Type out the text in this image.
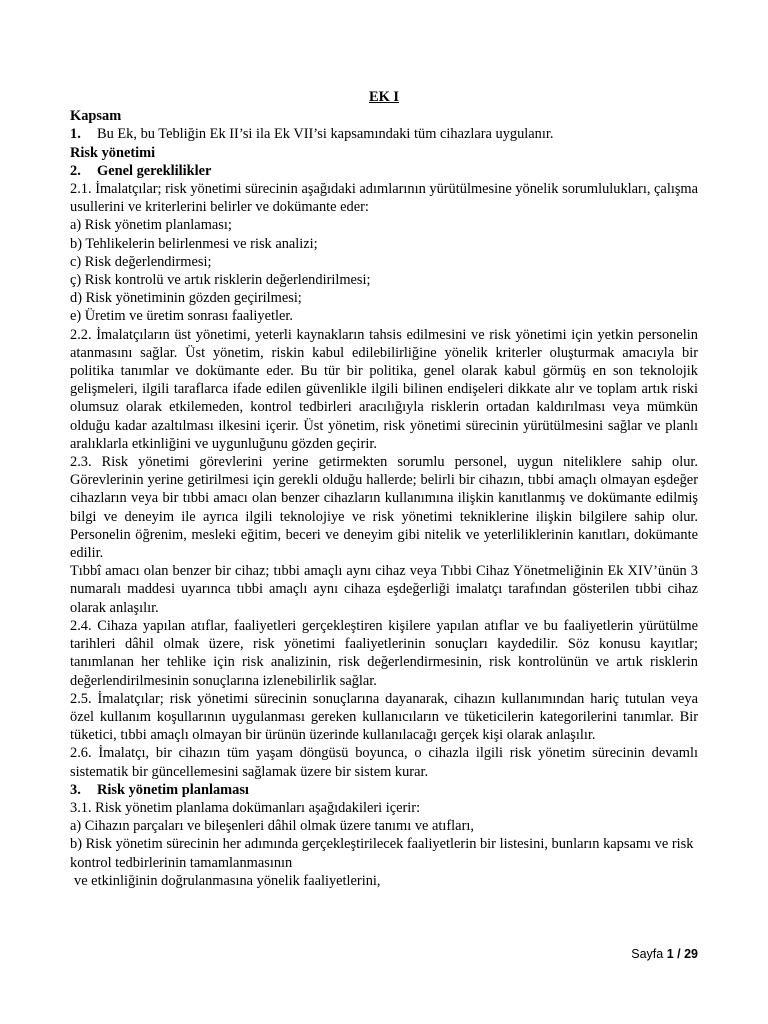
EK I

Kapsam

1. Bu Ek, bu Tebliğin Ek II’si ila Ek VII’si kapsamındaki tüm cihazlara uygulanır.

Risk yönetimi

2. Genel gereklilikler

2.1. İmalatçılar; risk yönetimi sürecinin aşağıdaki adımlarının yürütülmesine yönelik sorumlulukları, çalışma usullerini ve kriterlerini belirler ve dokümante eder:

a) Risk yönetim planlaması;

b) Tehlikelerin belirlenmesi ve risk analizi;

c) Risk değerlendirmesi;

ç) Risk kontrolü ve artık risklerin değerlendirilmesi;

d) Risk yönetiminin gözden geçirilmesi;

e) Üretim ve üretim sonrası faaliyetler.

2.2. İmalatçıların üst yönetimi, yeterli kaynakların tahsis edilmesini ve risk yönetimi için yetkin personelin atanmasını sağlar. Üst yönetim, riskin kabul edilebilirliğine yönelik kriterler oluşturmak amacıyla bir politika tanımlar ve dokümante eder. Bu tür bir politika, genel olarak kabul görmüş en son teknolojik gelişmeleri, ilgili taraflarca ifade edilen güvenlikle ilgili bilinen endişeleri dikkate alır ve toplam artık riski olumsuz olarak etkilemeden, kontrol tedbirleri aracılığıyla risklerin ortadan kaldırılması veya mümkün olduğu kadar azaltılması ilkesini içerir. Üst yönetim, risk yönetimi sürecinin yürütülmesini sağlar ve planlı aralıklarla etkinliğini ve uygunluğunu gözden geçirir.

2.3. Risk yönetimi görevlerini yerine getirmekten sorumlu personel, uygun niteliklere sahip olur. Görevlerinin yerine getirilmesi için gerekli olduğu hallerde; belirli bir cihazın, tıbbi amaçlı olmayan eşdeğer cihazların veya bir tıbbi amacı olan benzer cihazların kullanımına ilişkin kanıtlanmış ve dokümante edilmiş bilgi ve deneyim ile ayrıca ilgili teknolojiye ve risk yönetimi tekniklerine ilişkin bilgilere sahip olur. Personelin öğrenim, mesleki eğitim, beceri ve deneyim gibi nitelik ve yeterliliklerinin kanıtları, dokümante edilir.

Tıbbî amacı olan benzer bir cihaz; tıbbi amaçlı aynı cihaz veya Tıbbi Cihaz Yönetmeliğinin Ek XIV’ünün 3 numaralı maddesi uyarınca tıbbi amaçlı aynı cihaza eşdeğerliği imalatçı tarafından gösterilen tıbbi cihaz olarak anlaşılır.

2.4. Cihaza yapılan atıflar, faaliyetleri gerçekleştiren kişilere yapılan atıflar ve bu faaliyetlerin yürütülme tarihleri dâhil olmak üzere, risk yönetimi faaliyetlerinin sonuçları kaydedilir. Söz konusu kayıtlar; tanımlanan her tehlike için risk analizinin, risk değerlendirmesinin, risk kontrolünün ve artık risklerin değerlendirilmesinin sonuçlarına izlenebilirlik sağlar.

2.5. İmalatçılar; risk yönetimi sürecinin sonuçlarına dayanarak, cihazın kullanımından hariç tutulan veya özel kullanım koşullarının uygulanması gereken kullanıcıların ve tüketicilerin kategorilerini tanımlar. Bir tüketici, tıbbi amaçlı olmayan bir ürünün üzerinde kullanılacağı gerçek kişi olarak anlaşılır.

2.6. İmalatçı, bir cihazın tüm yaşam döngüsü boyunca, o cihazla ilgili risk yönetim sürecinin devamlı sistematik bir güncellemesini sağlamak üzere bir sistem kurar.

3. Risk yönetim planlaması

3.1. Risk yönetim planlama dokümanları aşağıdakileri içerir:

a) Cihazın parçaları ve bileşenleri dâhil olmak üzere tanımı ve atıfları,

b) Risk yönetim sürecinin her adımında gerçekleştirilecek faaliyetlerin bir listesini, bunların kapsamı ve risk kontrol tedbirlerinin tamamlanmasının

ve etkinliğinin doğrulanmasına yönelik faaliyetlerini,

Sayfa 1 / 29
